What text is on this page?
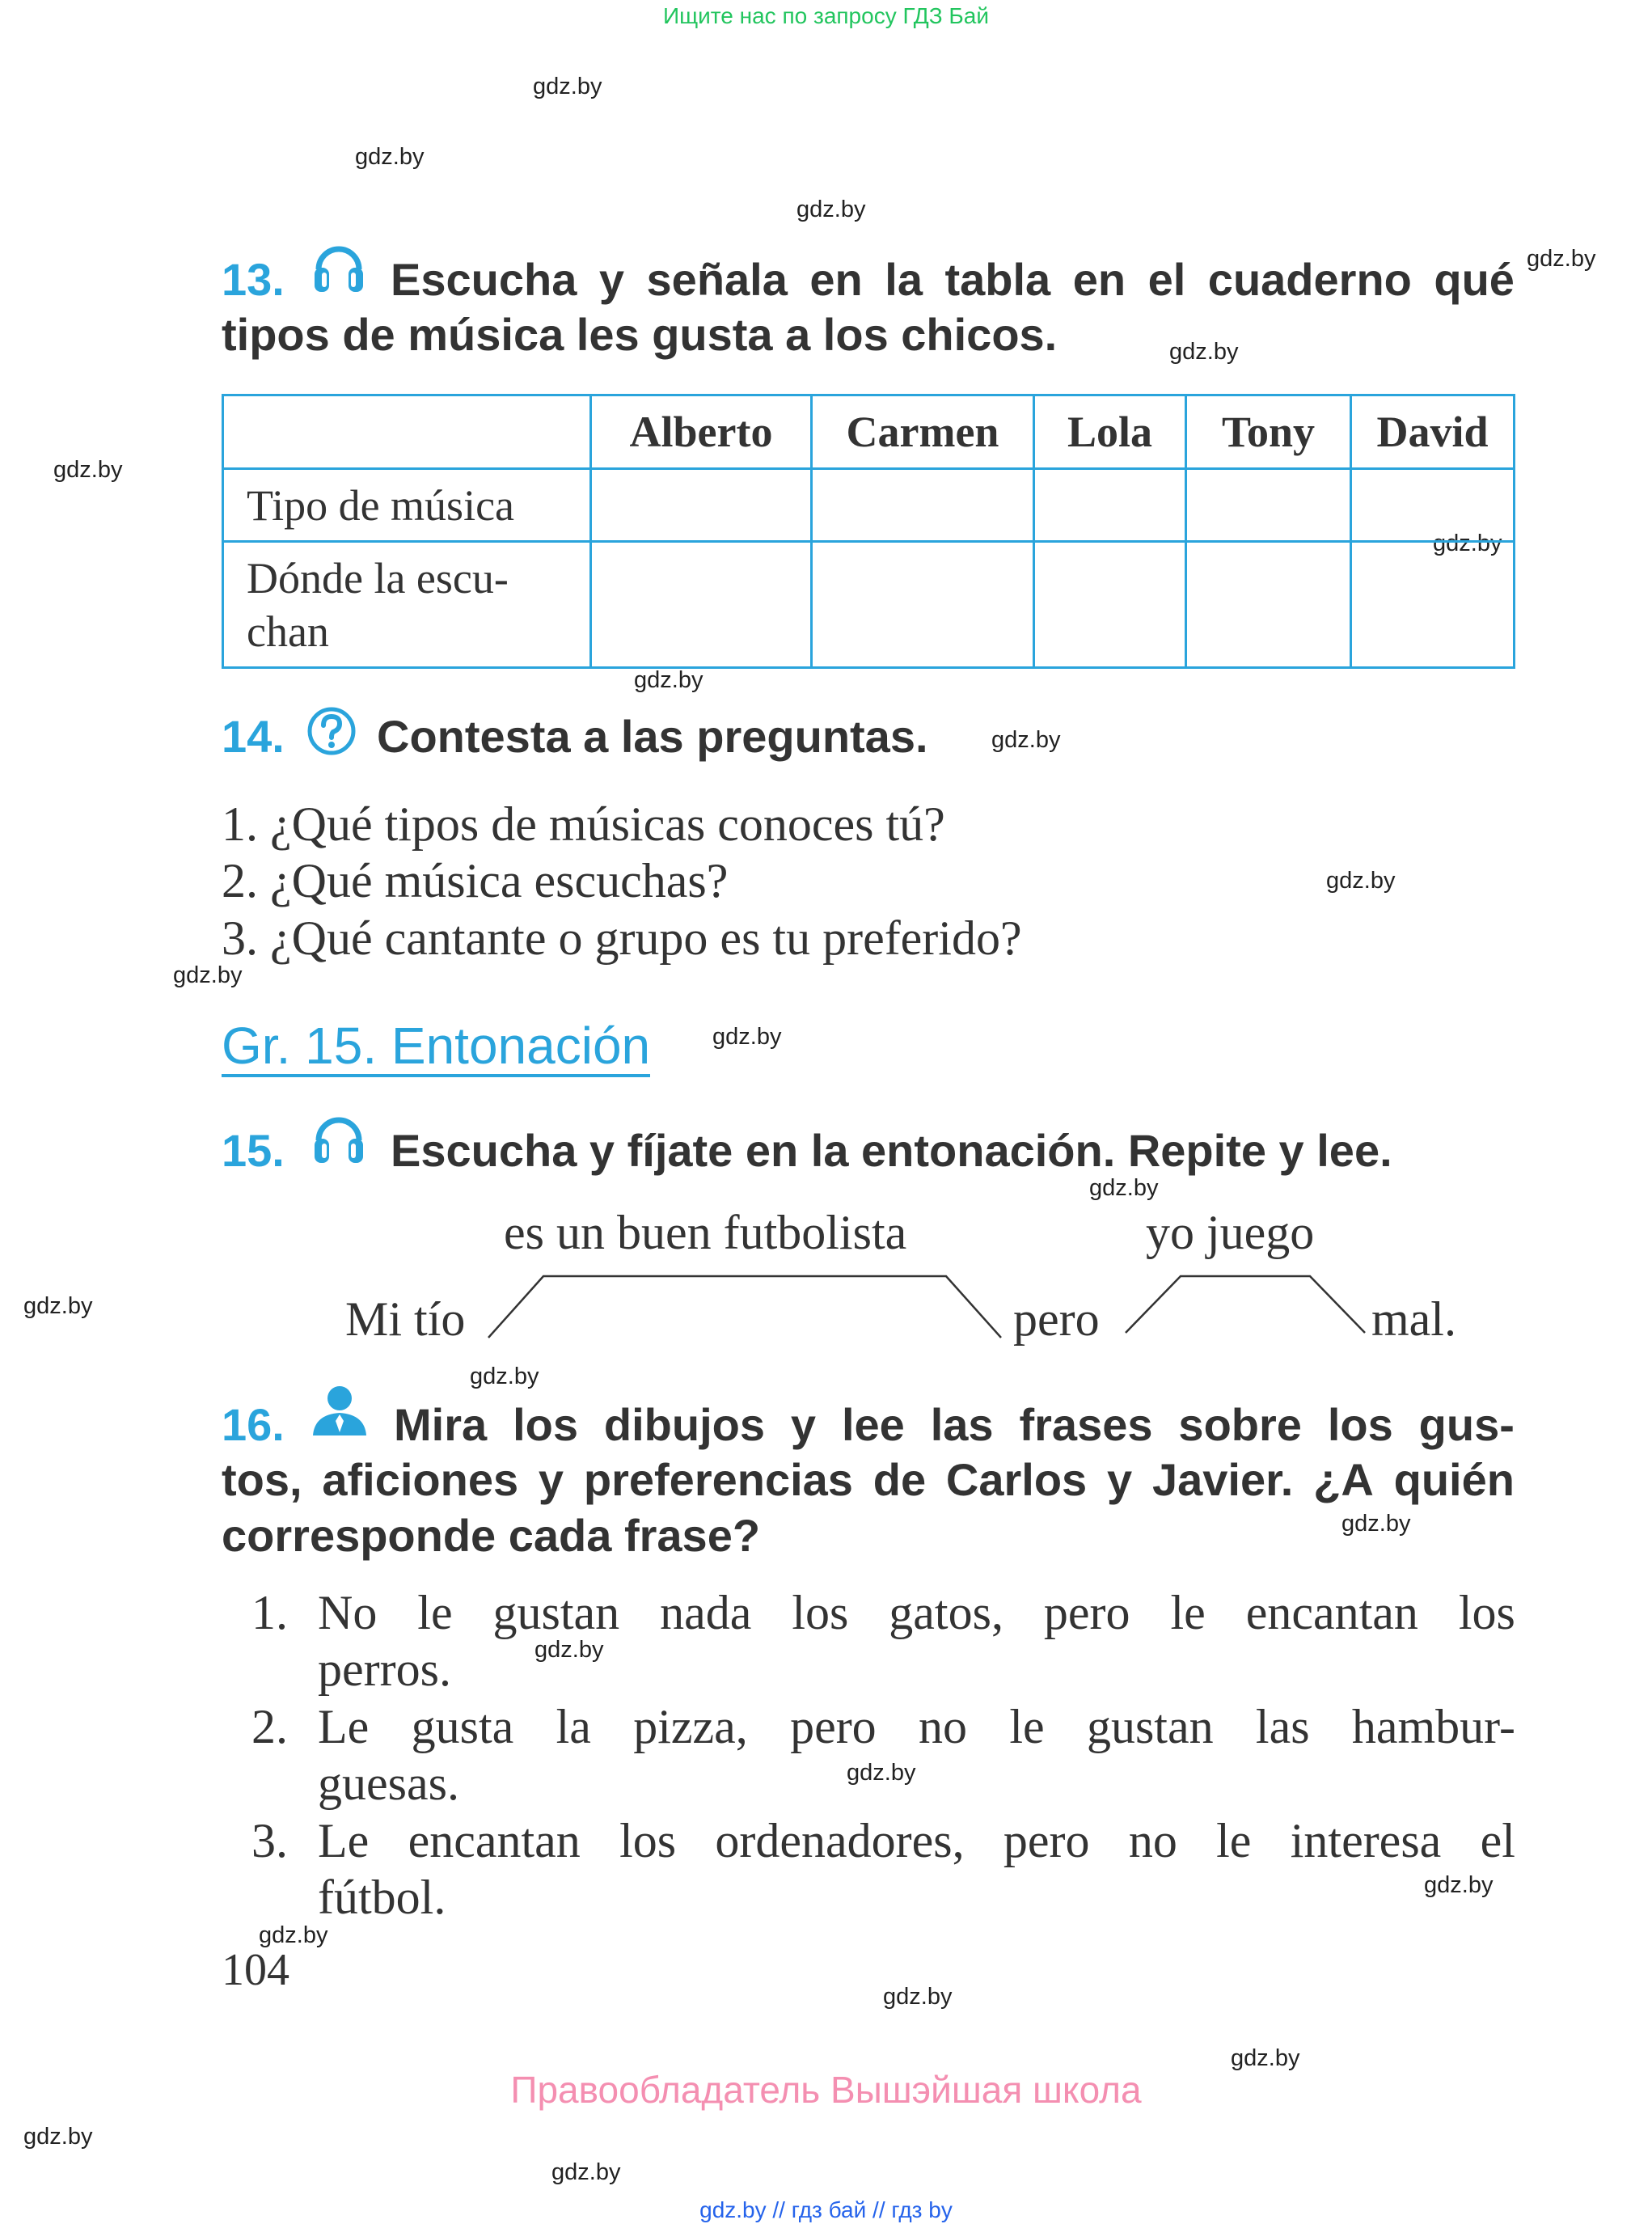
Ищите нас по запросу ГДЗ Бай
gdz.by
gdz.by
gdz.by
gdz.by
gdz.by
gdz.by
gdz.by
gdz.by
gdz.by
gdz.by
gdz.by
gdz.by
gdz.by
gdz.by
gdz.by
gdz.by
gdz.by
gdz.by
gdz.by
gdz.by
gdz.by
gdz.by
gdz.by
gdz.by
13. Escucha y señala en la tabla en el cuaderno qué
tipos de música les gusta a los chicos.
	Alberto	Carmen	Lola	Tony	David
Tipo de música					

Dónde la escu-
chan					

14. Contesta a las preguntas.
1. ¿Qué tipos de músicas conoces tú?
2. ¿Qué música escuchas?
3. ¿Qué cantante o grupo es tu preferido?
Gr. 15. Entonación
15. Escucha y fíjate en la entonación. Repite y lee.
es un buen futbolista	yo juego
Mi tío	pero	mal.
16. Mira los dibujos y lee las frases sobre los gus-
tos, aficiones y preferencias de Carlos y Javier. ¿A quién
corresponde cada frase?
1. No le gustan nada los gatos, pero le encantan los
perros.
2. Le gusta la pizza, pero no le gustan las hambur-
guesas.
3. Le encantan los ordenadores, pero no le interesa el
fútbol.
104
Правообладатель Вышэйшая школа
gdz.by // гдз бай // гдз by
